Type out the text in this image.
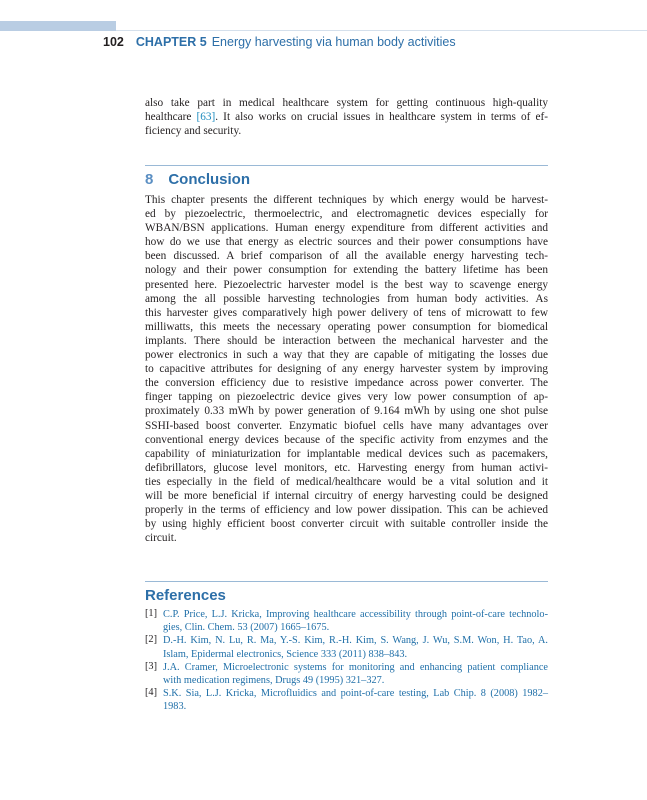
102 CHAPTER 5 Energy harvesting via human body activities
also take part in medical healthcare system for getting continuous high-quality
healthcare [63]. It also works on crucial issues in healthcare system in terms of ef-
ficiency and security.
8 Conclusion
This chapter presents the different techniques by which energy would be harvest-
ed by piezoelectric, thermoelectric, and electromagnetic devices especially for
WBAN/BSN applications. Human energy expenditure from different activities and
how do we use that energy as electric sources and their power consumptions have
been discussed. A brief comparison of all the available energy harvesting tech-
nology and their power consumption for extending the battery lifetime has been
presented here. Piezoelectric harvester model is the best way to scavenge energy
among the all possible harvesting technologies from human body activities. As
this harvester gives comparatively high power delivery of tens of microwatt to few
milliwatts, this meets the necessary operating power consumption for biomedical
implants. There should be interaction between the mechanical harvester and the
power electronics in such a way that they are capable of mitigating the losses due
to capacitive attributes for designing of any energy harvester system by improving
the conversion efficiency due to resistive impedance across power converter. The
finger tapping on piezoelectric device gives very low power consumption of ap-
proximately 0.33 mWh by power generation of 9.164 mWh by using one shot pulse
SSHI-based boost converter. Enzymatic biofuel cells have many advantages over
conventional energy devices because of the specific activity from enzymes and the
capability of miniaturization for implantable medical devices such as pacemakers,
defibrillators, glucose level monitors, etc. Harvesting energy from human activi-
ties especially in the field of medical/healthcare would be a vital solution and it
will be more beneficial if internal circuitry of energy harvesting could be designed
properly in the terms of efficiency and low power dissipation. This can be achieved
by using highly efficient boost converter circuit with suitable controller inside the
circuit.
References
[1] C.P. Price, L.J. Kricka, Improving healthcare accessibility through point-of-care technolo-
gies, Clin. Chem. 53 (2007) 1665–1675.
[2] D.-H. Kim, N. Lu, R. Ma, Y.-S. Kim, R.-H. Kim, S. Wang, J. Wu, S.M. Won, H. Tao, A.
Islam, Epidermal electronics, Science 333 (2011) 838–843.
[3] J.A. Cramer, Microelectronic systems for monitoring and enhancing patient compliance
with medication regimens, Drugs 49 (1995) 321–327.
[4] S.K. Sia, L.J. Kricka, Microfluidics and point-of-care testing, Lab Chip. 8 (2008) 1982–
1983.
